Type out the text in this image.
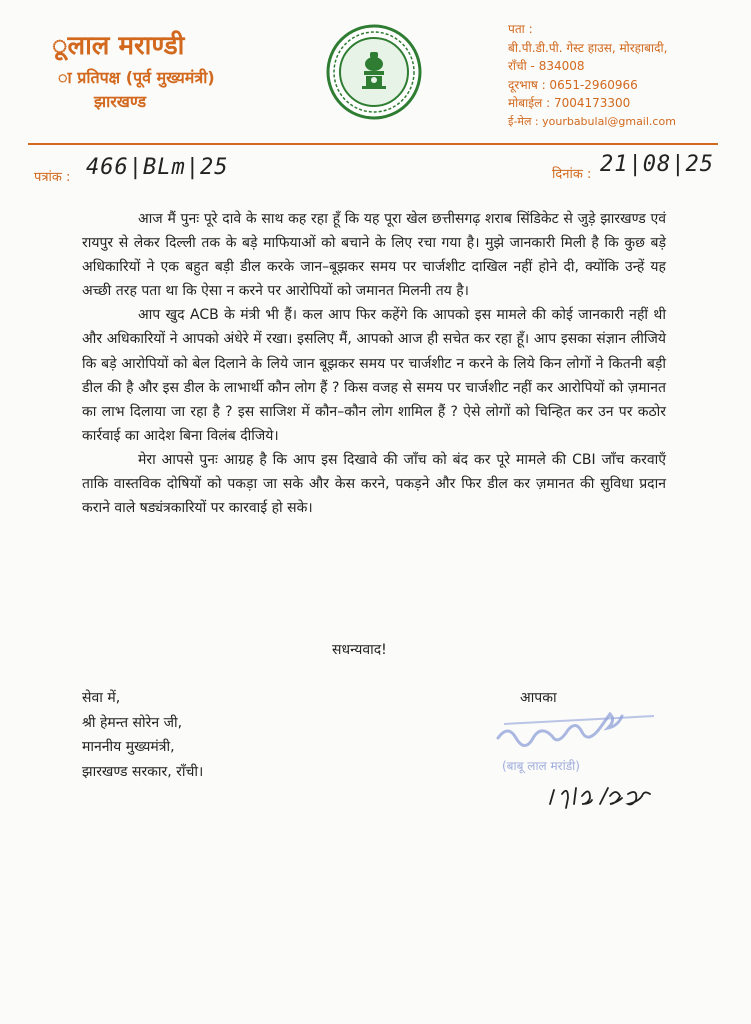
ूलाल मराण्डी
ा प्रतिपक्ष (पूर्व मुख्यमंत्री)
झारखण्ड
पता :
बी.पी.डी.पी. गेस्ट हाउस, मोरहाबादी,
राँची - 834008
दूरभाष : 0651-2960966
मोबाईल : 7004173300
ई-मेल : yourbabulal@gmail.com
पत्रांक : 466|BLm|25	दिनांक : 21|08|25

आज मैं पुनः पूरे दावे के साथ कह रहा हूँ कि यह पूरा खेल छत्तीसगढ़ शराब सिंडिकेट से जुड़े झारखण्ड एवं रायपुर से लेकर दिल्ली तक के बड़े माफियाओं को बचाने के लिए रचा गया है। मुझे जानकारी मिली है कि कुछ बड़े अधिकारियों ने एक बहुत बड़ी डील करके जान–बूझकर समय पर चार्जशीट दाखिल नहीं होने दी, क्योंकि उन्हें यह अच्छी तरह पता था कि ऐसा न करने पर आरोपियों को जमानत मिलनी तय है।

आप खुद ACB के मंत्री भी हैं। कल आप फिर कहेंगे कि आपको इस मामले की कोई जानकारी नहीं थी और अधिकारियों ने आपको अंधेरे में रखा। इसलिए मैं, आपको आज ही सचेत कर रहा हूँ। आप इसका संज्ञान लीजिये कि बड़े आरोपियों को बेल दिलाने के लिये जान बूझकर समय पर चार्जशीट न करने के लिये किन लोगों ने कितनी बड़ी डील की है और इस डील के लाभार्थी कौन लोग हैं ? किस वजह से समय पर चार्जशीट नहीं कर आरोपियों को ज़मानत का लाभ दिलाया जा रहा है ? इस साजिश में कौन–कौन लोग शामिल हैं ? ऐसे लोगों को चिन्हित कर उन पर कठोर कार्रवाई का आदेश बिना विलंब दीजिये।

मेरा आपसे पुनः आग्रह है कि आप इस दिखावे की जाँच को बंद कर पूरे मामले की CBI जाँच करवाएँ ताकि वास्तविक दोषियों को पकड़ा जा सके और केस करने, पकड़ने और फिर डील कर ज़मानत की सुविधा प्रदान कराने वाले षड्यंत्रकारियों पर कारवाई हो सके।

सधन्यवाद!
सेवा में,
श्री हेमन्त सोरेन जी,
माननीय मुख्यमंत्री,
झारखण्ड सरकार, राँची।
आपका
(बाबू लाल मरांडी)
